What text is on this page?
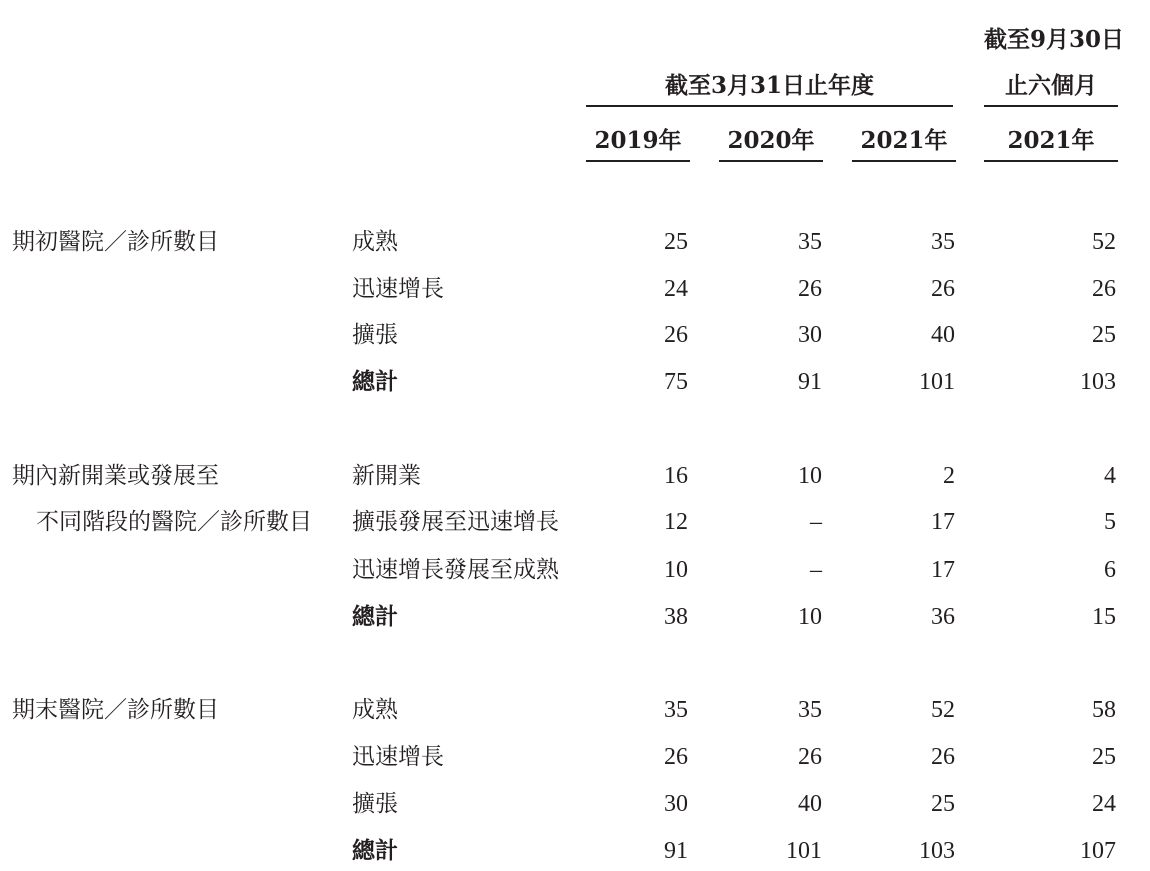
截至9月30日
截至3月31日止年度	止六個月
2019年	2020年	2021年	2021年
期初醫院／診所數目	成熟	25	35	35	52
迅速增長	24	26	26	26
擴張	26	30	40	25
總計	75	91	101	103
期內新開業或發展至
不同階段的醫院／診所數目
新開業	16	10	2	4
擴張發展至迅速增長	12	–	17	5
迅速增長發展至成熟	10	–	17	6
總計	38	10	36	15
期末醫院／診所數目	成熟	35	35	52	58
迅速增長	26	26	26	25
擴張	30	40	25	24
總計	91	101	103	107
